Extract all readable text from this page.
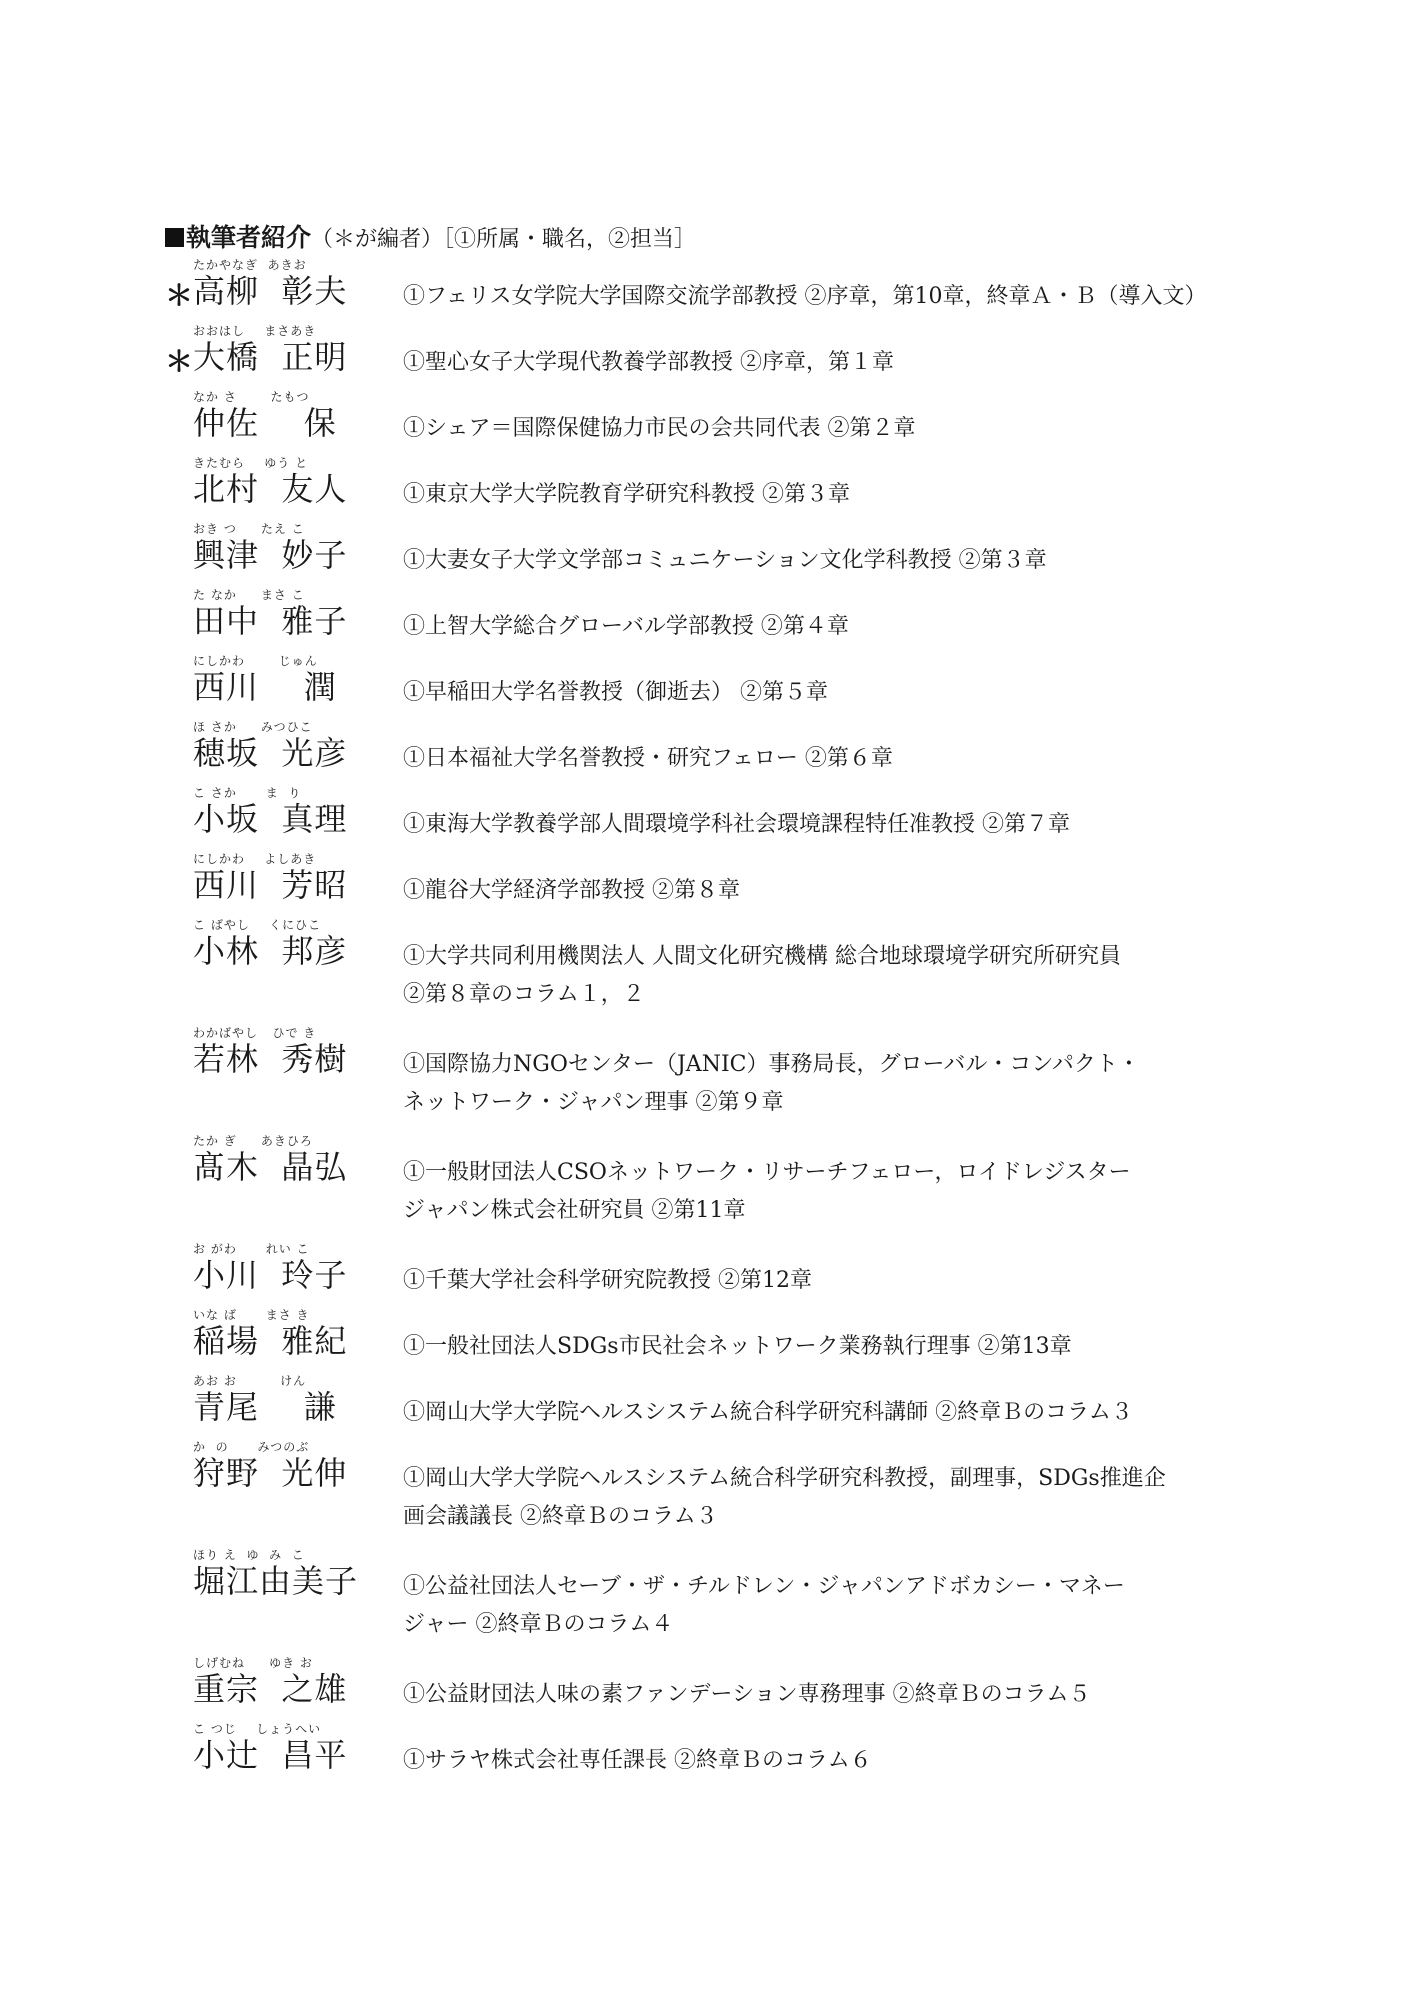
執筆者紹介（＊が編者）［①所属・職名，②担当］
＊
たかやなぎ  あきお
高柳  彰夫	①フェリス女学院大学国際交流学部教授 ②序章，第10章，終章Ａ・Ｂ（導入文）
＊
おおはし    まさあき
大橋  正明	①聖心女子大学現代教養学部教授 ②序章，第１章
なか さ       たもつ
仲佐    保	①シェア＝国際保健協力市民の会共同代表 ②第２章
きたむら    ゆう と
北村  友人	①東京大学大学院教育学研究科教授 ②第３章
おき つ     たえ こ
興津  妙子	①大妻女子大学文学部コミュニケーション文化学科教授 ②第３章
た なか     まさ こ
田中  雅子	①上智大学総合グローバル学部教授 ②第４章
にしかわ       じゅん
西川    潤	①早稲田大学名誉教授（御逝去） ②第５章
ほ さか     みつひこ
穂坂  光彦	①日本福祉大学名誉教授・研究フェロー ②第６章
こ さか      ま  り
小坂  真理	①東海大学教養学部人間環境学科社会環境課程特任准教授 ②第７章
にしかわ    よしあき
西川  芳昭	①龍谷大学経済学部教授 ②第８章
こ ばやし    くにひこ
小林  邦彦	①大学共同利用機関法人 人間文化研究機構 総合地球環境学研究所研究員
②第８章のコラム１，２
わかばやし   ひで き
若林  秀樹	①国際協力NGOセンター（JANIC）事務局長，グローバル・コンパクト・
ネットワーク・ジャパン理事 ②第９章
たか ぎ     あきひろ
髙木  晶弘	①一般財団法人CSOネットワーク・リサーチフェロー，ロイドレジスター
ジャパン株式会社研究員 ②第11章
お がわ      れい こ
小川  玲子	①千葉大学社会科学研究院教授 ②第12章
いな ば      まさ き
稲場  雅紀	①一般社団法人SDGs市民社会ネットワーク業務執行理事 ②第13章
あお お         けん
青尾    謙	①岡山大学大学院ヘルスシステム統合科学研究科講師 ②終章Ｂのコラム３
か  の      みつのぶ
狩野  光伸	①岡山大学大学院ヘルスシステム統合科学研究科教授，副理事，SDGs推進企
画会議議長 ②終章Ｂのコラム３
ほり え  ゆ  み  こ
堀江由美子	①公益社団法人セーブ・ザ・チルドレン・ジャパンアドボカシー・マネー
ジャー ②終章Ｂのコラム４
しげむね     ゆき お
重宗  之雄	①公益財団法人味の素ファンデーション専務理事 ②終章Ｂのコラム５
こ つじ    しょうへい
小辻  昌平	①サラヤ株式会社専任課長 ②終章Ｂのコラム６
